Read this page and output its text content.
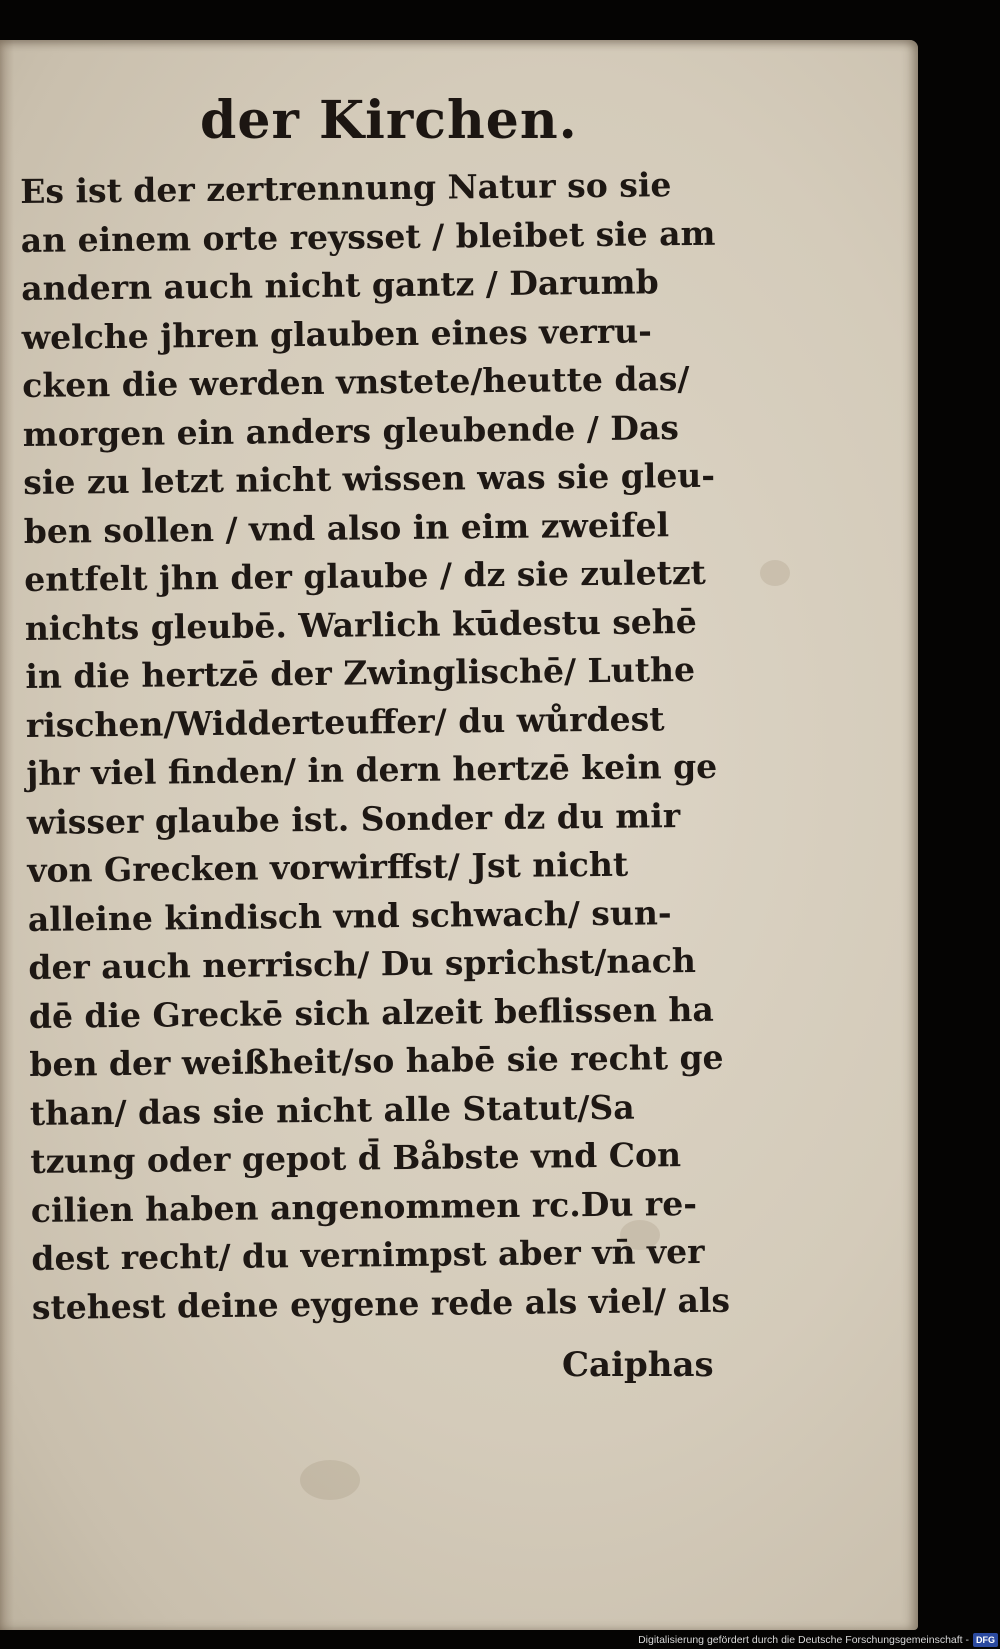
der Kirchen.
Es ist der zertrennung Natur so sie
an einem orte reysset / bleibet sie am
andern auch nicht gantz / Darumb
welche jhren glauben eines verru-
cken die werden vnstete/heutte das/
morgen ein anders gleubende / Das
sie zu letzt nicht wissen was sie gleu-
ben sollen / vnd also in eim zweifel
entfelt jhn der glaube / dz sie zuletzt
nichts gleubē. Warlich kūdestu sehē
in die hertzē der Zwinglischē/ Luthe
rischen/Widderteuffer/ du wůrdest
jhr viel finden/ in dern hertzē kein ge
wisser glaube ist. Sonder dz du mir
von Grecken vorwirffst/ Jst nicht
alleine kindisch vnd schwach/ sun-
der auch nerrisch/ Du sprichst/nach
dē die Greckē sich alzeit beflissen ha
ben der weißheit/so habē sie recht ge
than/ das sie nicht alle Statut/Sa
tzung oder gepot d̄ Båbste vnd Con
cilien haben angenommen rc.Du re-
dest recht/ du vernimpst aber vn̄ ver
stehest deine eygene rede als viel/ als

Caiphas

Digitalisierung gefördert durch die Deutsche Forschungsgemeinschaft - DFG
